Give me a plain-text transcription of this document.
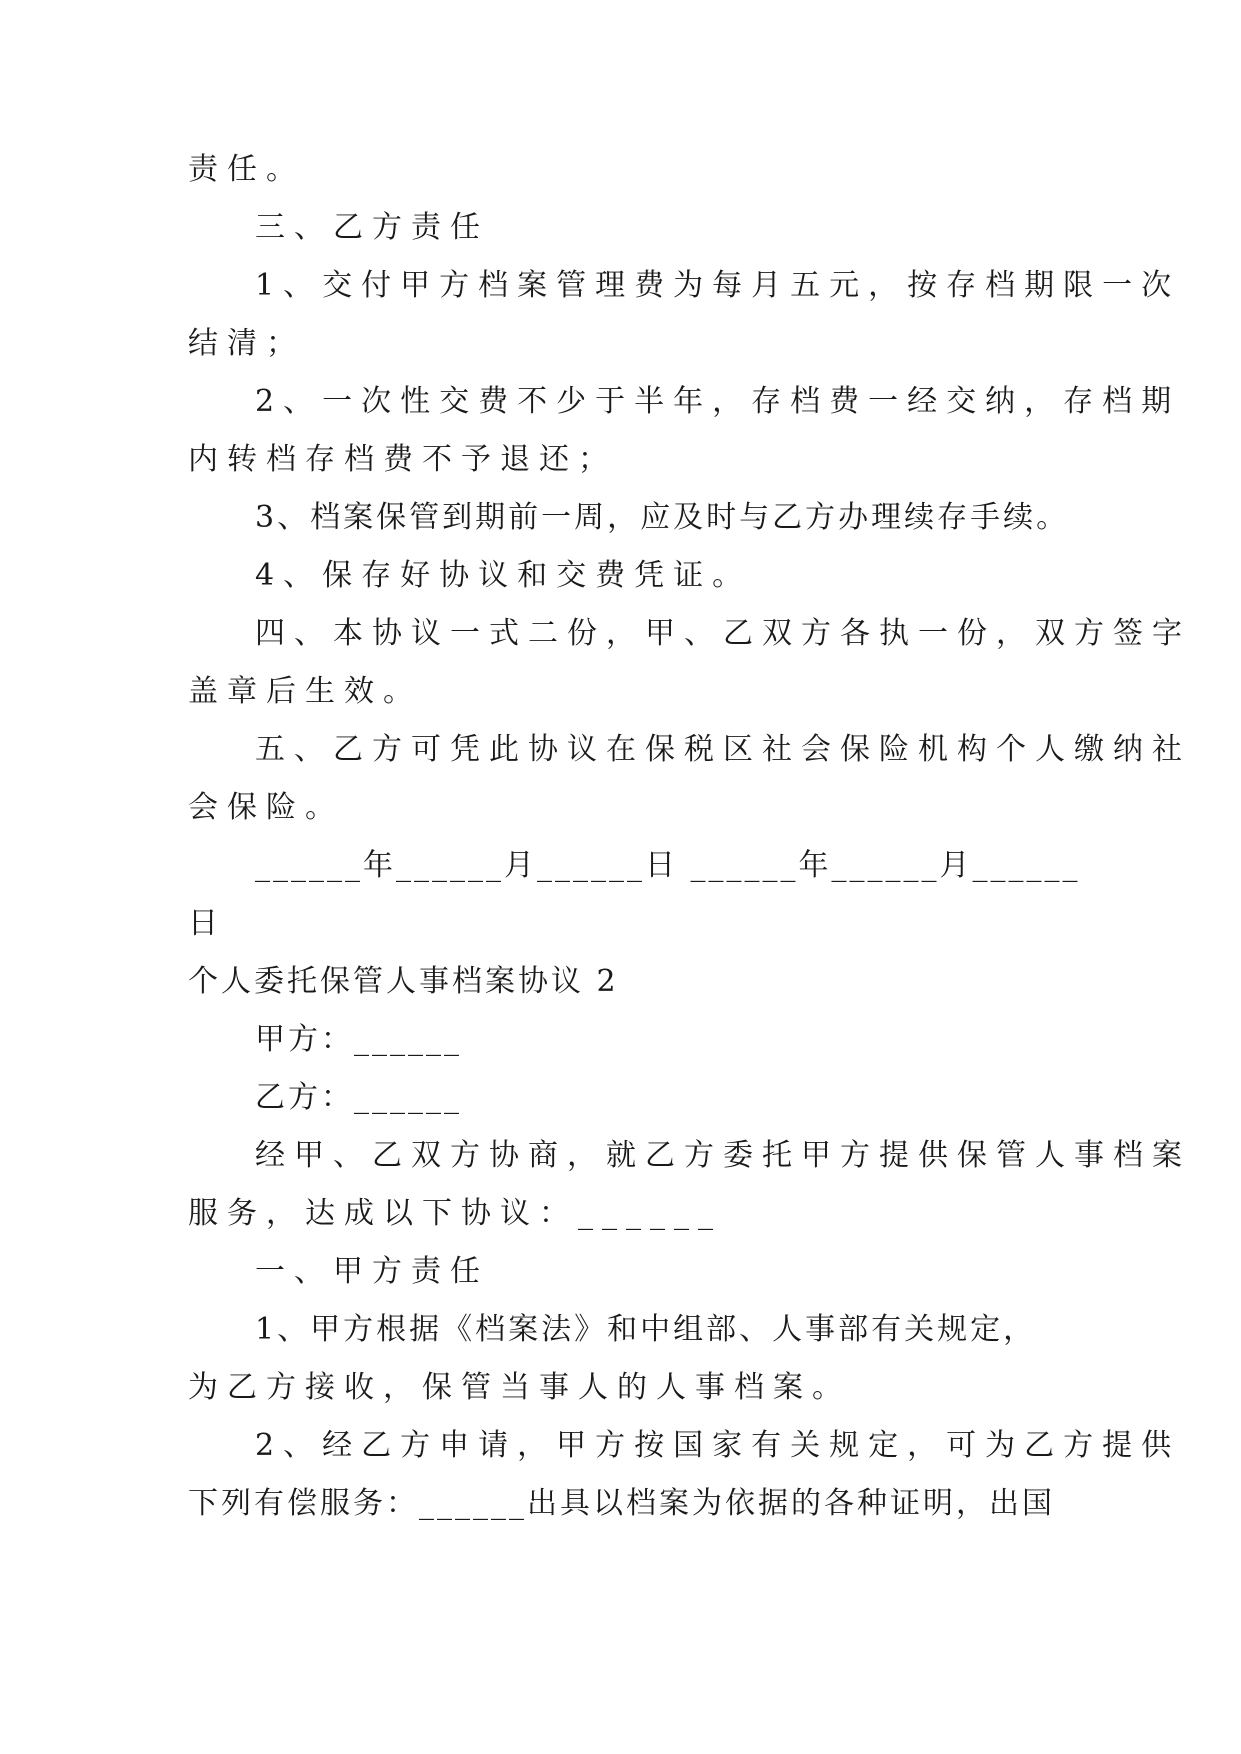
责任。
三、乙方责任
1、交付甲方档案管理费为每月五元，按存档期限一次
结清；
2、一次性交费不少于半年，存档费一经交纳，存档期
内转档存档费不予退还；
3、档案保管到期前一周，应及时与乙方办理续存手续。
4、保存好协议和交费凭证。
四、本协议一式二份，甲、乙双方各执一份，双方签字
盖章后生效。
五、乙方可凭此协议在保税区社会保险机构个人缴纳社
会保险。
______年______月______日 ______年______月______
日
个人委托保管人事档案协议 2
甲方：______
乙方：______
经甲、乙双方协商，就乙方委托甲方提供保管人事档案
服务，达成以下协议：______
一、甲方责任
1、甲方根据《档案法》和中组部、人事部有关规定，
为乙方接收，保管当事人的人事档案。
2、经乙方申请，甲方按国家有关规定，可为乙方提供
下列有偿服务：______出具以档案为依据的各种证明，出国
